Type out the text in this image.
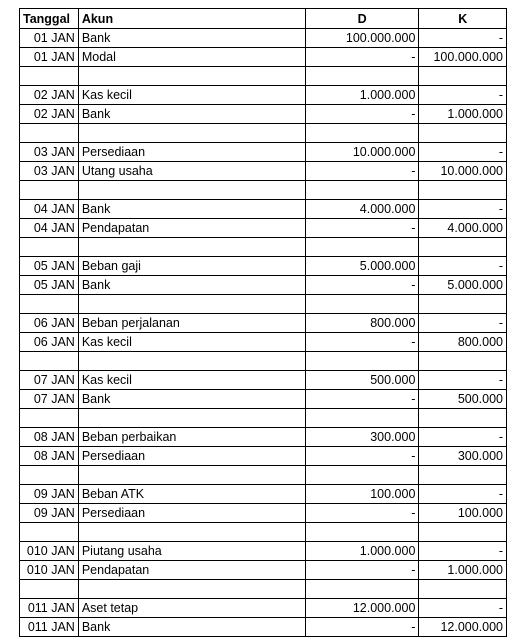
Tanggal	Akun	D	K
01 JAN	Bank	100.000.000	-
01 JAN	Modal	-	100.000.000

02 JAN	Kas kecil	1.000.000	-
02 JAN	Bank	-	1.000.000

03 JAN	Persediaan	10.000.000	-
03 JAN	Utang usaha	-	10.000.000

04 JAN	Bank	4.000.000	-
04 JAN	Pendapatan	-	4.000.000

05 JAN	Beban gaji	5.000.000	-
05 JAN	Bank	-	5.000.000

06 JAN	Beban perjalanan	800.000	-
06 JAN	Kas kecil	-	800.000

07 JAN	Kas kecil	500.000	-
07 JAN	Bank	-	500.000

08 JAN	Beban perbaikan	300.000	-
08 JAN	Persediaan	-	300.000

09 JAN	Beban ATK	100.000	-
09 JAN	Persediaan	-	100.000

010 JAN	Piutang usaha	1.000.000	-
010 JAN	Pendapatan	-	1.000.000

011 JAN	Aset tetap	12.000.000	-
011 JAN	Bank	-	12.000.000
